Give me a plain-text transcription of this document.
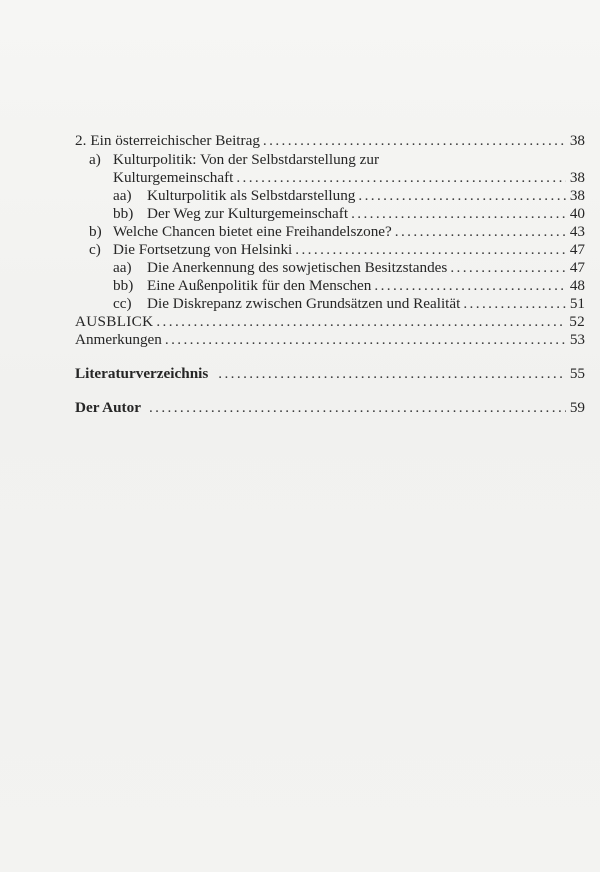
2. Ein österreichischer Beitrag .....	38
a) Kulturpolitik: Von der Selbstdarstellung zur
Kulturgemeinschaft .....	38
aa)	Kulturpolitik als Selbstdarstellung .....	38
bb) Der Weg zur Kulturgemeinschaft .....	40
b) Welche Chancen bietet eine Freihandelszone? .....	43
c) Die Fortsetzung von Helsinki .....	47
aa)	Die Anerkennung des sowjetischen Besitzstandes .....	47
bb) Eine Außenpolitik für den Menschen .....	48
cc)	Die Diskrepanz zwischen Grundsätzen und Realität .....	51
AUSBLICK .....	52
Anmerkungen .....	53
Literaturverzeichnis .....	55
Der Autor .....	59
